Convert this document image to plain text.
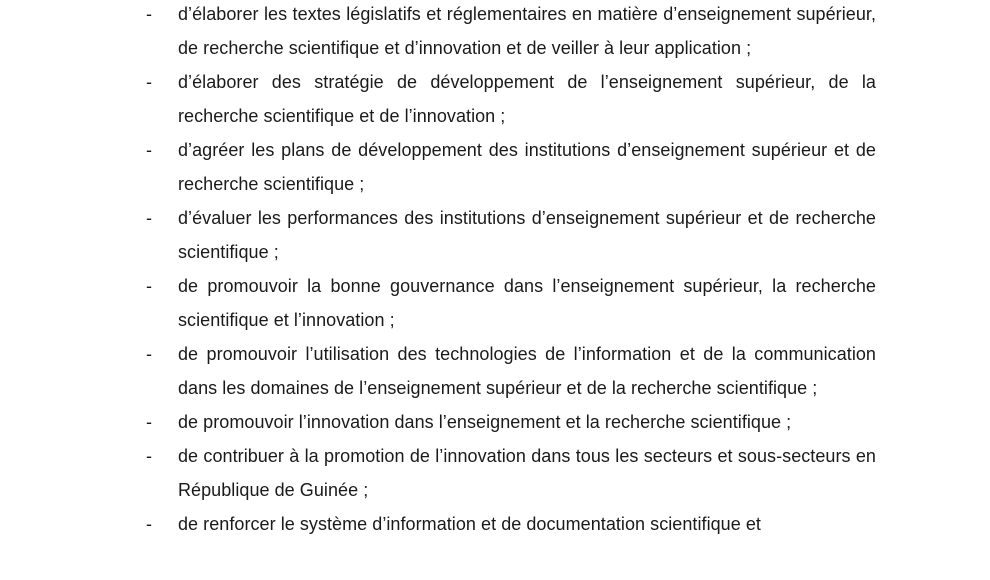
- d’élaborer les textes législatifs et réglementaires en matière d’enseignement supérieur, de recherche scientifique et d’innovation et de veiller à leur application ;
- d’élaborer des stratégie de développement de l’enseignement supérieur, de la recherche scientifique et de l’innovation ;
- d’agréer les plans de développement des institutions d’enseignement supérieur et de recherche scientifique ;
- d’évaluer les performances des institutions d’enseignement supérieur et de recherche scientifique ;
- de promouvoir la bonne gouvernance dans l’enseignement supérieur, la recherche scientifique et l’innovation ;
- de promouvoir l’utilisation des technologies de l’information et de la communication dans les domaines de l’enseignement supérieur et de la recherche scientifique ;
- de promouvoir l’innovation dans l’enseignement et la recherche scientifique ;
- de contribuer à la promotion de l’innovation dans tous les secteurs et sous-secteurs en République de Guinée ;
- de renforcer le système d’information et de documentation scientifique et
